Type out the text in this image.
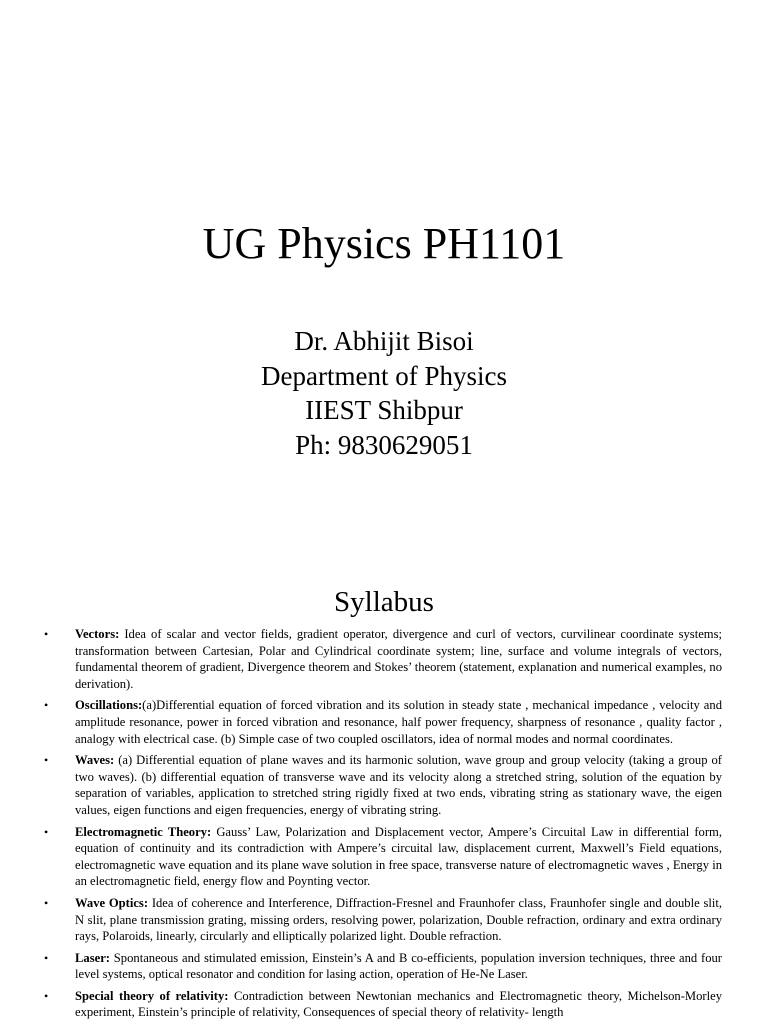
UG Physics PH1101
Dr. Abhijit Bisoi
Department of Physics
IIEST Shibpur
Ph: 9830629051
Syllabus
• Vectors: Idea of scalar and vector fields, gradient operator, divergence and curl of vectors, curvilinear coordinate systems; transformation between Cartesian, Polar and Cylindrical coordinate system; line, surface and volume integrals of vectors, fundamental theorem of gradient, Divergence theorem and Stokes’ theorem (statement, explanation and numerical examples, no derivation).
• Oscillations:(a)Differential equation of forced vibration and its solution in steady state , mechanical impedance , velocity and amplitude resonance, power in forced vibration and resonance, half power frequency, sharpness of resonance , quality factor , analogy with electrical case. (b) Simple case of two coupled oscillators, idea of normal modes and normal coordinates.
• Waves: (a) Differential equation of plane waves and its harmonic solution, wave group and group velocity (taking a group of two waves). (b) differential equation of transverse wave and its velocity along a stretched string, solution of the equation by separation of variables, application to stretched string rigidly fixed at two ends, vibrating string as stationary wave, the eigen values, eigen functions and eigen frequencies, energy of vibrating string.
• Electromagnetic Theory: Gauss’ Law, Polarization and Displacement vector, Ampere’s Circuital Law in differential form, equation of continuity and its contradiction with Ampere’s circuital law, displacement current, Maxwell’s Field equations, electromagnetic wave equation and its plane wave solution in free space, transverse nature of electromagnetic waves , Energy in an electromagnetic field, energy flow and Poynting vector.
• Wave Optics: Idea of coherence and Interference, Diffraction-Fresnel and Fraunhofer class, Fraunhofer single and double slit, N slit, plane transmission grating, missing orders, resolving power, polarization, Double refraction, ordinary and extra ordinary rays, Polaroids, linearly, circularly and elliptically polarized light. Double refraction.
• Laser: Spontaneous and stimulated emission, Einstein’s A and B co-efficients, population inversion techniques, three and four level systems, optical resonator and condition for lasing action, operation of He-Ne Laser.
• Special theory of relativity: Contradiction between Newtonian mechanics and Electromagnetic theory, Michelson-Morley experiment, Einstein’s principle of relativity, Consequences of special theory of relativity- length
